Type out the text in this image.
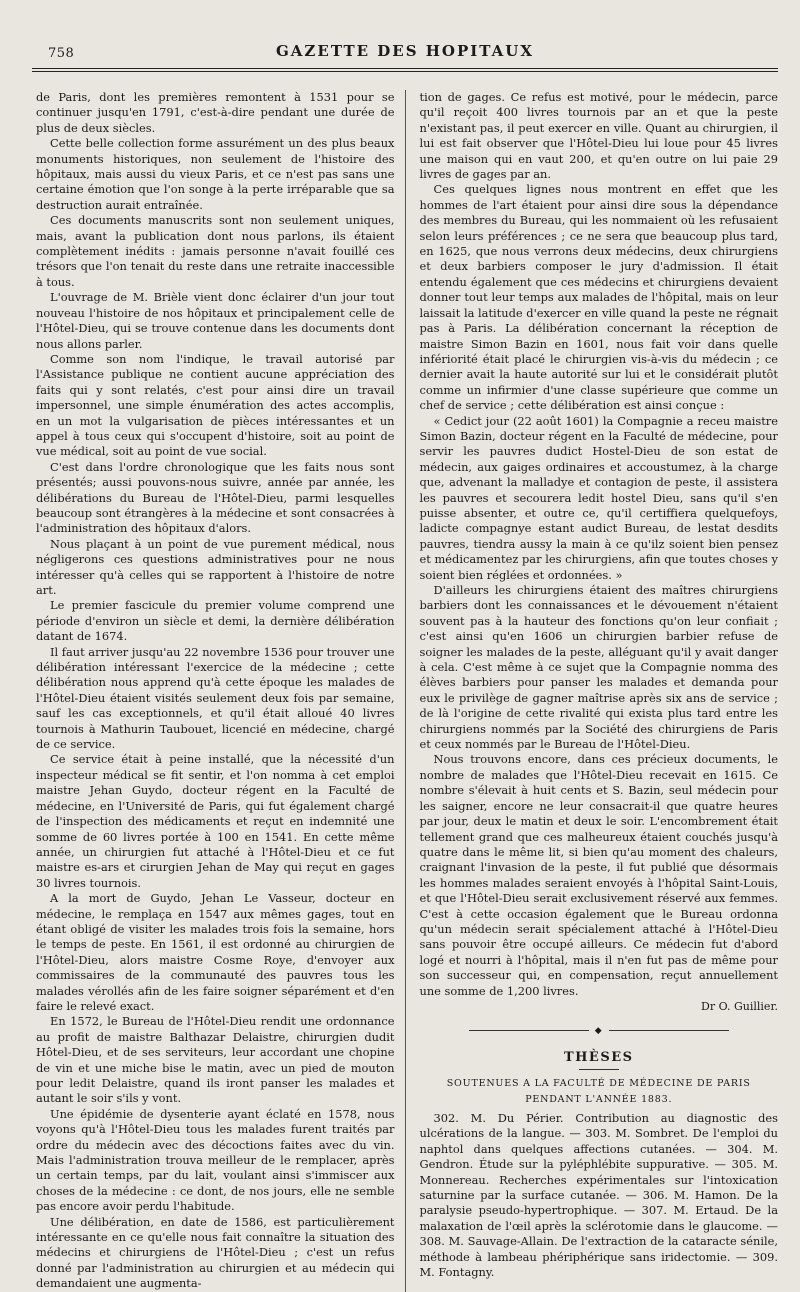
758	GAZETTE DES HOPITAUX

de Paris, dont les premières remontent à 1531 pour se continuer jusqu'en 1791, c'est-à-dire pendant une durée de plus de deux siècles.

Cette belle collection forme assurément un des plus beaux monuments historiques, non seulement de l'histoire des hôpitaux, mais aussi du vieux Paris, et ce n'est pas sans une certaine émotion que l'on songe à la perte irréparable que sa destruction aurait entraînée.

Ces documents manuscrits sont non seulement uniques, mais, avant la publication dont nous parlons, ils étaient complètement inédits : jamais personne n'avait fouillé ces trésors que l'on tenait du reste dans une retraite inaccessible à tous.

L'ouvrage de M. Brièle vient donc éclairer d'un jour tout nouveau l'histoire de nos hôpitaux et principalement celle de l'Hôtel-Dieu, qui se trouve contenue dans les documents dont nous allons parler.

Comme son nom l'indique, le travail autorisé par l'Assistance publique ne contient aucune appréciation des faits qui y sont relatés, c'est pour ainsi dire un travail impersonnel, une simple énumération des actes accomplis, en un mot la vulgarisation de pièces intéressantes et un appel à tous ceux qui s'occupent d'histoire, soit au point de vue médical, soit au point de vue social.

C'est dans l'ordre chronologique que les faits nous sont présentés; aussi pouvons-nous suivre, année par année, les délibérations du Bureau de l'Hôtel-Dieu, parmi lesquelles beaucoup sont étrangères à la médecine et sont consacrées à l'administration des hôpitaux d'alors.

Nous plaçant à un point de vue purement médical, nous négligerons ces questions administratives pour ne nous intéresser qu'à celles qui se rapportent à l'histoire de notre art.

Le premier fascicule du premier volume comprend une période d'environ un siècle et demi, la dernière délibération datant de 1674.

Il faut arriver jusqu'au 22 novembre 1536 pour trouver une délibération intéressant l'exercice de la médecine ; cette délibération nous apprend qu'à cette époque les malades de l'Hôtel-Dieu étaient visités seulement deux fois par semaine, sauf les cas exceptionnels, et qu'il était alloué 40 livres tournois à Mathurin Taubouet, licencié en médecine, chargé de ce service.

Ce service était à peine installé, que la nécessité d'un inspecteur médical se fit sentir, et l'on nomma à cet emploi maistre Jehan Guydo, docteur régent en la Faculté de médecine, en l'Université de Paris, qui fut également chargé de l'inspection des médicaments et reçut en indemnité une somme de 60 livres portée à 100 en 1541. En cette même année, un chirurgien fut attaché à l'Hôtel-Dieu et ce fut maistre es-ars et cirurgien Jehan de May qui reçut en gages 30 livres tournois.

A la mort de Guydo, Jehan Le Vasseur, docteur en médecine, le remplaça en 1547 aux mêmes gages, tout en étant obligé de visiter les malades trois fois la semaine, hors le temps de peste. En 1561, il est ordonné au chirurgien de l'Hôtel-Dieu, alors maistre Cosme Roye, d'envoyer aux commissaires de la communauté des pauvres tous les malades vérollés afin de les faire soigner séparément et d'en faire le relevé exact.

En 1572, le Bureau de l'Hôtel-Dieu rendit une ordonnance au profit de maistre Balthazar Delaistre, chirurgien dudit Hôtel-Dieu, et de ses serviteurs, leur accordant une chopine de vin et une miche bise le matin, avec un pied de mouton pour ledit Delaistre, quand ils iront panser les malades et autant le soir s'ils y vont.

Une épidémie de dysenterie ayant éclaté en 1578, nous voyons qu'à l'Hôtel-Dieu tous les malades furent traités par ordre du médecin avec des décoctions faites avec du vin. Mais l'administration trouva meilleur de le remplacer, après un certain temps, par du lait, voulant ainsi s'immiscer aux choses de la médecine : ce dont, de nos jours, elle ne semble pas encore avoir perdu l'habitude.

Une délibération, en date de 1586, est particulièrement intéressante en ce qu'elle nous fait connaître la situation des médecins et chirurgiens de l'Hôtel-Dieu ; c'est un refus donné par l'administration au chirurgien et au médecin qui demandaient une augmenta-

tion de gages. Ce refus est motivé, pour le médecin, parce qu'il reçoit 400 livres tournois par an et que la peste n'existant pas, il peut exercer en ville. Quant au chirurgien, il lui est fait observer que l'Hôtel-Dieu lui loue pour 45 livres une maison qui en vaut 200, et qu'en outre on lui paie 29 livres de gages par an.

Ces quelques lignes nous montrent en effet que les hommes de l'art étaient pour ainsi dire sous la dépendance des membres du Bureau, qui les nommaient où les refusaient selon leurs préférences ; ce ne sera que beaucoup plus tard, en 1625, que nous verrons deux médecins, deux chirurgiens et deux barbiers composer le jury d'admission. Il était entendu également que ces médecins et chirurgiens devaient donner tout leur temps aux malades de l'hôpital, mais on leur laissait la latitude d'exercer en ville quand la peste ne régnait pas à Paris. La délibération concernant la réception de maistre Simon Bazin en 1601, nous fait voir dans quelle infériorité était placé le chirurgien vis-à-vis du médecin ; ce dernier avait la haute autorité sur lui et le considérait plutôt comme un infirmier d'une classe supérieure que comme un chef de service ; cette délibération est ainsi conçue :

« Cedict jour (22 août 1601) la Compagnie a receu maistre Simon Bazin, docteur régent en la Faculté de médecine, pour servir les pauvres dudict Hostel-Dieu de son estat de médecin, aux gaiges ordinaires et accoustumez, à la charge que, advenant la malladye et contagion de peste, il assistera les pauvres et secourera ledit hostel Dieu, sans qu'il s'en puisse absenter, et outre ce, qu'il certiffiera quelquefoys, ladicte compagnye estant audict Bureau, de lestat desdits pauvres, tiendra aussy la main à ce qu'ilz soient bien pensez et médicamentez par les chirurgiens, afin que toutes choses y soient bien réglées et ordonnées. »

D'ailleurs les chirurgiens étaient des maîtres chirurgiens barbiers dont les connaissances et le dévouement n'étaient souvent pas à la hauteur des fonctions qu'on leur confiait ; c'est ainsi qu'en 1606 un chirurgien barbier refuse de soigner les malades de la peste, alléguant qu'il y avait danger à cela. C'est même à ce sujet que la Compagnie nomma des élèves barbiers pour panser les malades et demanda pour eux le privilège de gagner maîtrise après six ans de service ; de là l'origine de cette rivalité qui exista plus tard entre les chirurgiens nommés par la Société des chirurgiens de Paris et ceux nommés par le Bureau de l'Hôtel-Dieu.

Nous trouvons encore, dans ces précieux documents, le nombre de malades que l'Hôtel-Dieu recevait en 1615. Ce nombre s'élevait à huit cents et S. Bazin, seul médecin pour les saigner, encore ne leur consacrait-il que quatre heures par jour, deux le matin et deux le soir. L'encombrement était tellement grand que ces malheureux étaient couchés jusqu'à quatre dans le même lit, si bien qu'au moment des chaleurs, craignant l'invasion de la peste, il fut publié que désormais les hommes malades seraient envoyés à l'hôpital Saint-Louis, et que l'Hôtel-Dieu serait exclusivement réservé aux femmes. C'est à cette occasion également que le Bureau ordonna qu'un médecin serait spécialement attaché à l'Hôtel-Dieu sans pouvoir être occupé ailleurs. Ce médecin fut d'abord logé et nourri à l'hôpital, mais il n'en fut pas de même pour son successeur qui, en compensation, reçut annuellement une somme de 1,200 livres.

Dr O. Guillier.
◆
THÈSES
SOUTENUES A LA FACULTÉ DE MÉDECINE DE PARIS PENDANT L'ANNÉE 1883.

302. M. Du Périer. Contribution au diagnostic des ulcérations de la langue. — 303. M. Sombret. De l'emploi du naphtol dans quelques affections cutanées. — 304. M. Gendron. Étude sur la pyléphlébite suppurative. — 305. M. Monnereau. Recherches expérimentales sur l'intoxication saturnine par la surface cutanée. — 306. M. Hamon. De la paralysie pseudo-hypertrophique. — 307. M. Ertaud. De la malaxation de l'œil après la sclérotomie dans le glaucome. — 308. M. Sauvage-Allain. De l'extraction de la cataracte sénile, méthode à lambeau phériphérique sans iridectomie. — 309. M. Fontagny.
